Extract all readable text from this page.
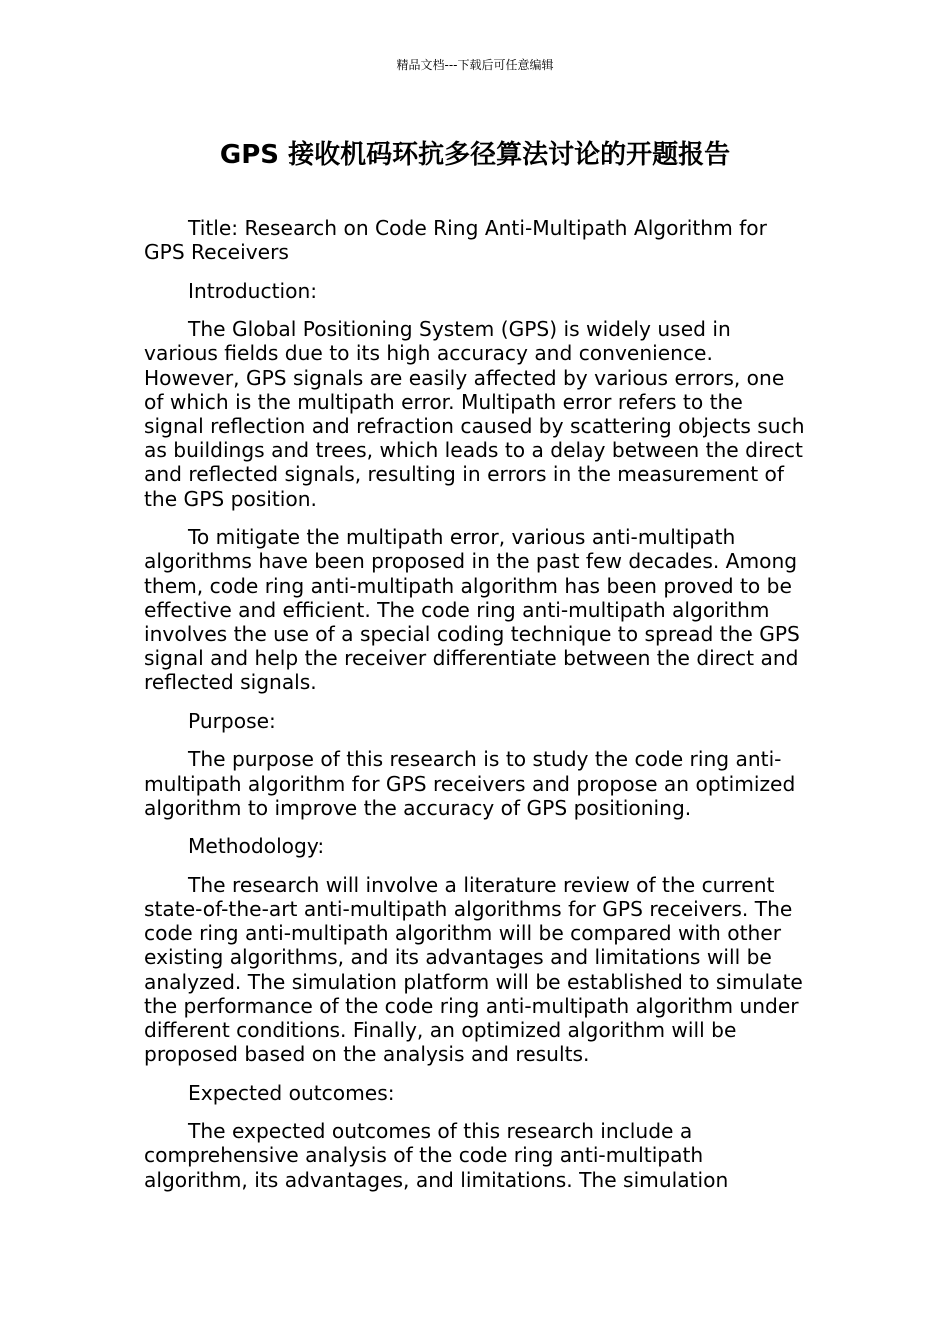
精品文档---下载后可任意编辑
GPS 接收机码环抗多径算法讨论的开题报告

Title: Research on Code Ring Anti-Multipath Algorithm for GPS Receivers

Introduction:

The Global Positioning System (GPS) is widely used in various fields due to its high accuracy and convenience. However, GPS signals are easily affected by various errors, one of which is the multipath error. Multipath error refers to the signal reflection and refraction caused by scattering objects such as buildings and trees, which leads to a delay between the direct and reflected signals, resulting in errors in the measurement of the GPS position.

To mitigate the multipath error, various anti-multipath algorithms have been proposed in the past few decades. Among them, code ring anti-multipath algorithm has been proved to be effective and efficient. The code ring anti-multipath algorithm involves the use of a special coding technique to spread the GPS signal and help the receiver differentiate between the direct and reflected signals.

Purpose:

The purpose of this research is to study the code ring anti-multipath algorithm for GPS receivers and propose an optimized algorithm to improve the accuracy of GPS positioning.

Methodology:

The research will involve a literature review of the current state-of-the-art anti-multipath algorithms for GPS receivers. The code ring anti-multipath algorithm will be compared with other existing algorithms, and its advantages and limitations will be analyzed. The simulation platform will be established to simulate the performance of the code ring anti-multipath algorithm under different conditions. Finally, an optimized algorithm will be proposed based on the analysis and results.

Expected outcomes:

The expected outcomes of this research include a comprehensive analysis of the code ring anti-multipath algorithm, its advantages, and limitations. The simulation
